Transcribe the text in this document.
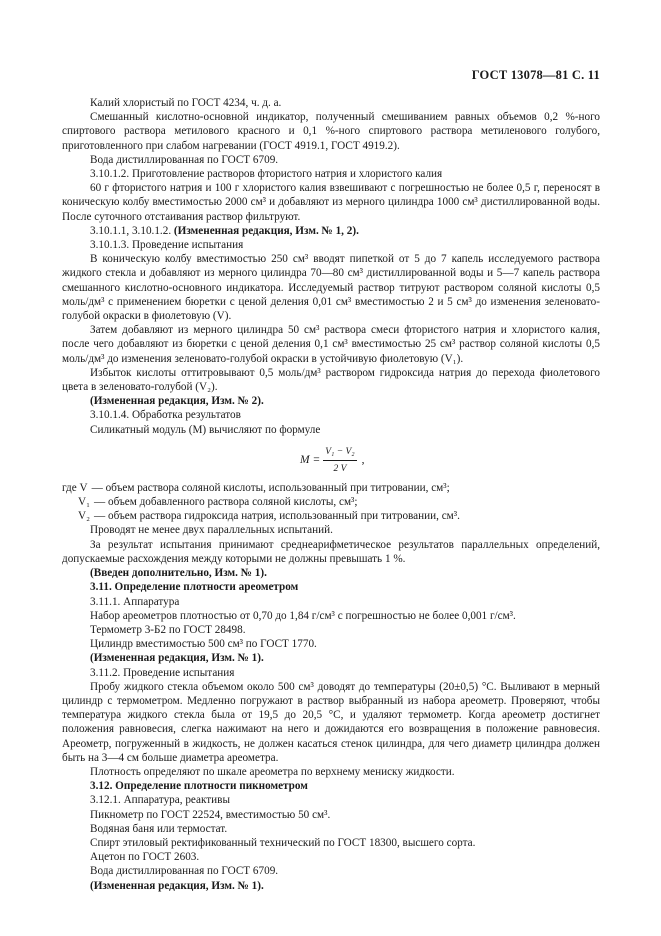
ГОСТ 13078—81 С. 11

Калий хлористый по ГОСТ 4234, ч. д. а.

Смешанный кислотно-основной индикатор, полученный смешиванием равных объемов 0,2 %-ного спиртового раствора метилового красного и 0,1 %-ного спиртового раствора метиленового голубого, приготовленного при слабом нагревании (ГОСТ 4919.1, ГОСТ 4919.2).

Вода дистиллированная по ГОСТ 6709.

3.10.1.2. Приготовление растворов фтористого натрия и хлористого калия

60 г фтористого натрия и 100 г хлористого калия взвешивают с погрешностью не более 0,5 г, переносят в коническую колбу вместимостью 2000 см³ и добавляют из мерного цилиндра 1000 см³ дистиллированной воды. После суточного отстаивания раствор фильтруют.

3.10.1.1, 3.10.1.2. (Измененная редакция, Изм. № 1, 2).

3.10.1.3. Проведение испытания

В коническую колбу вместимостью 250 см³ вводят пипеткой от 5 до 7 капель исследуемого раствора жидкого стекла и добавляют из мерного цилиндра 70—80 см³ дистиллированной воды и 5—7 капель раствора смешанного кислотно-основного индикатора. Исследуемый раствор титруют раствором соляной кислоты 0,5 моль/дм³ с применением бюретки с ценой деления 0,01 см³ вместимостью 2 и 5 см³ до изменения зеленовато-голубой окраски в фиолетовую (V).

Затем добавляют из мерного цилиндра 50 см³ раствора смеси фтористого натрия и хлористого калия, после чего добавляют из бюретки с ценой деления 0,1 см³ вместимостью 25 см³ раствор соляной кислоты 0,5 моль/дм³ до изменения зеленовато-голубой окраски в устойчивую фиолетовую (V₁).

Избыток кислоты оттитровывают 0,5 моль/дм³ раствором гидроксида натрия до перехода фиолетового цвета в зеленовато-голубой (V₂).

(Измененная редакция, Изм. № 2).

3.10.1.4. Обработка результатов

Силикатный модуль (M) вычисляют по формуле

$M = \frac{\text{V₁ − V₂}}{2 V}$ ,
где V — объем раствора соляной кислоты, использованный при титровании, см³;
V₁ — объем добавленного раствора соляной кислоты, см³;
V₂ — объем раствора гидроксида натрия, использованный при титровании, см³.

Проводят не менее двух параллельных испытаний.

За результат испытания принимают среднеарифметическое результатов параллельных определений, допускаемые расхождения между которыми не должны превышать 1 %.

(Введен дополнительно, Изм. № 1).

3.11. Определение плотности ареометром

3.11.1. Аппаратура

Набор ареометров плотностью от 0,70 до 1,84 г/см³ с погрешностью не более 0,001 г/см³.

Термометр 3-Б2 по ГОСТ 28498.

Цилиндр вместимостью 500 см³ по ГОСТ 1770.

(Измененная редакция, Изм. № 1).

3.11.2. Проведение испытания

Пробу жидкого стекла объемом около 500 см³ доводят до температуры (20±0,5) °С. Выливают в мерный цилиндр с термометром. Медленно погружают в раствор выбранный из набора ареометр. Проверяют, чтобы температура жидкого стекла была от 19,5 до 20,5 °С, и удаляют термометр. Когда ареометр достигнет положения равновесия, слегка нажимают на него и дожидаются его возвращения в положение равновесия. Ареометр, погруженный в жидкость, не должен касаться стенок цилиндра, для чего диаметр цилиндра должен быть на 3—4 см больше диаметра ареометра.

Плотность определяют по шкале ареометра по верхнему мениску жидкости.

3.12. Определение плотности пикнометром

3.12.1. Аппаратура, реактивы

Пикнометр по ГОСТ 22524, вместимостью 50 см³.

Водяная баня или термостат.

Спирт этиловый ректификованный технический по ГОСТ 18300, высшего сорта.

Ацетон по ГОСТ 2603.

Вода дистиллированная по ГОСТ 6709.

(Измененная редакция, Изм. № 1).
